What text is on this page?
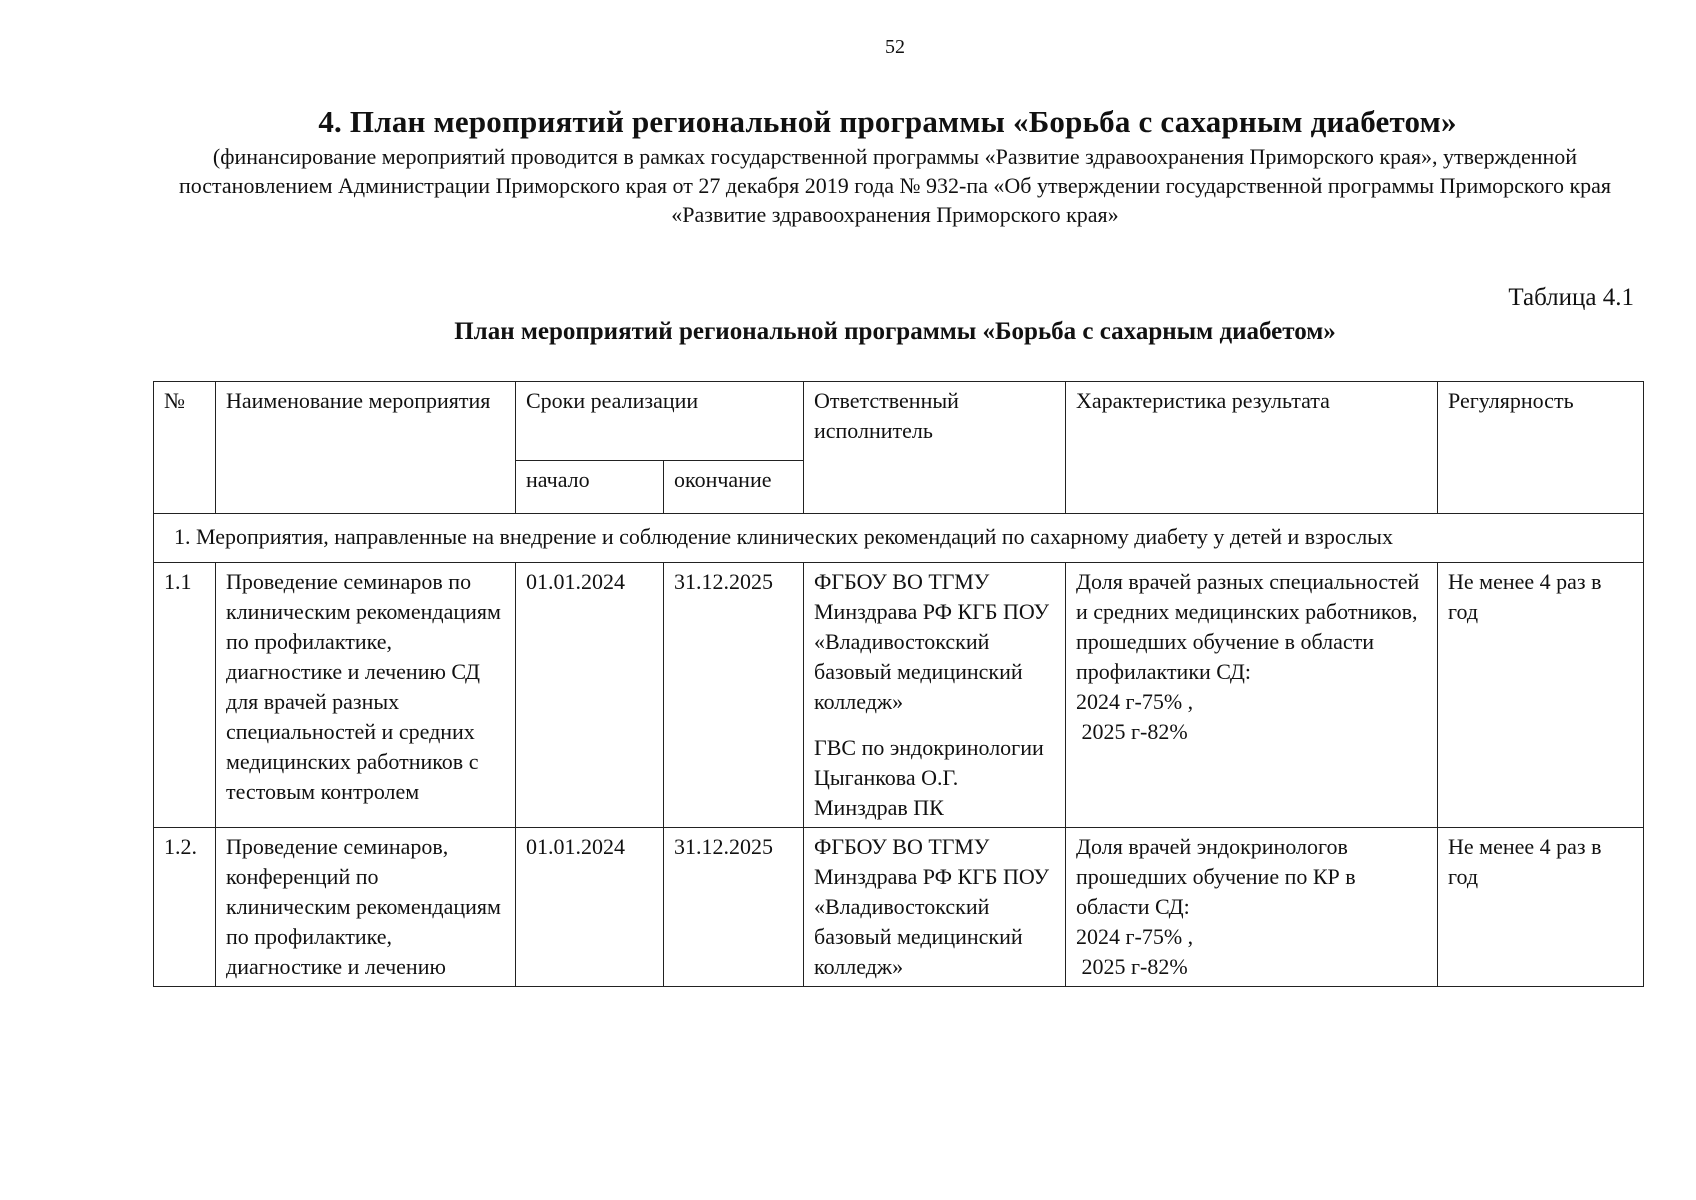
52
4. План мероприятий региональной программы «Борьба с сахарным диабетом»
(финансирование мероприятий проводится в рамках государственной программы «Развитие здравоохранения Приморского края», утвержденной постановлением Администрации Приморского края от 27 декабря 2019 года № 932-па «Об утверждении государственной программы Приморского края «Развитие здравоохранения Приморского края»
Таблица 4.1
План мероприятий региональной программы «Борьба с сахарным диабетом»
№	Наименование мероприятия	Сроки реализации		Ответственный исполнитель	Характеристика результата	Регулярность
		начало	окончание			
1. Мероприятия, направленные на внедрение и соблюдение клинических рекомендаций по сахарному диабету у детей и взрослых						
1.1	Проведение семинаров по клиническим рекомендациям по профилактике, диагностике и лечению СД для врачей разных специальностей и средних медицинских работников с тестовым контролем	01.01.2024	31.12.2025	ФГБОУ ВО ТГМУ Минздрава РФ КГБ ПОУ «Владивостокский базовый медицинский колледж»
ГВС по эндокринологии Цыганкова О.Г. Минздрав ПК	Доля врачей разных специальностей и средних медицинских работников, прошедших обучение в области профилактики СД:
2024 г-75% ,
2025 г-82%	Не менее 4 раз в год
1.2.	Проведение семинаров, конференций по клиническим рекомендациям по профилактике, диагностике и лечению	01.01.2024	31.12.2025	ФГБОУ ВО ТГМУ Минздрава РФ КГБ ПОУ «Владивостокский базовый медицинский колледж»	Доля врачей эндокринологов прошедших обучение по КР в области СД:
2024 г-75% ,
2025 г-82%	Не менее 4 раз в год
